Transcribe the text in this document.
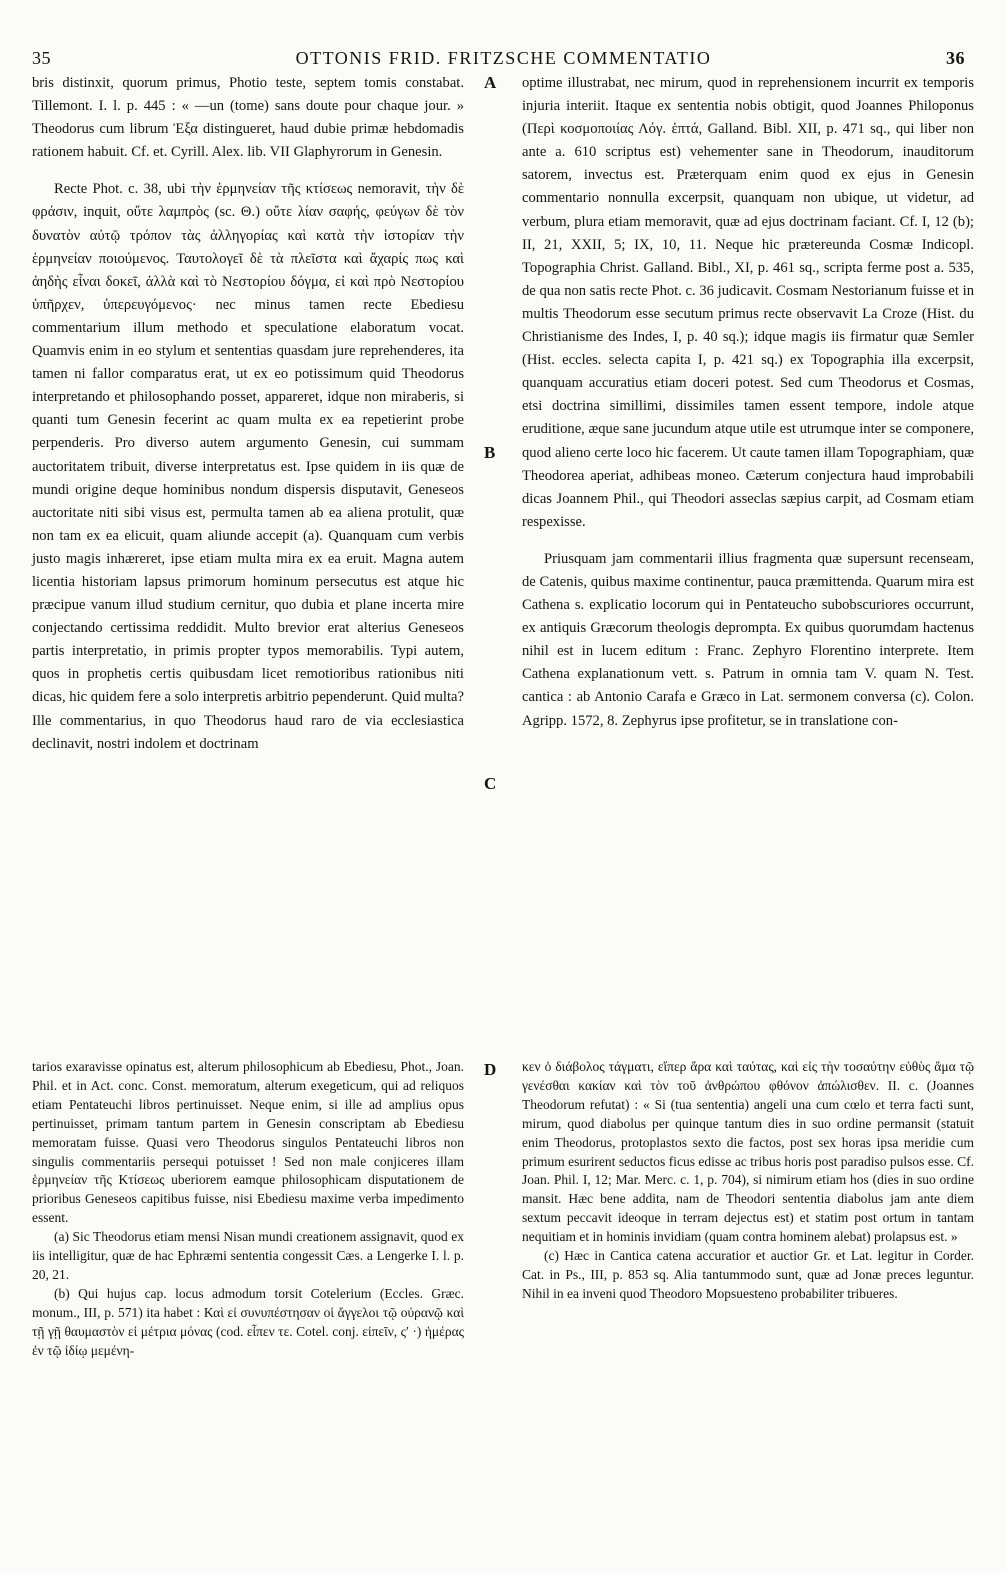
35	OTTONIS FRID. FRITZSCHE COMMENTATIO	36
A
B
C
D

bris distinxit, quorum primus, Photio teste, septem tomis constabat. Tillemont. I. l. p. 445 : « —un (tome) sans doute pour chaque jour. » Theodorus cum librum Ἑξα distingueret, haud dubie primæ hebdomadis rationem habuit. Cf. et. Cyrill. Alex. lib. VII Glaphyrorum in Genesin.

Recte Phot. c. 38, ubi τὴν ἑρμηνείαν τῆς κτίσεως nemoravit, τὴν δὲ φράσιν, inquit, οὔτε λαμπρὸς (sc. Θ.) οὔτε λίαν σαφής, φεύγων δὲ τὸν δυνατὸν αὐτῷ τρόπον τὰς ἀλληγορίας καὶ κατὰ τὴν ἱστορίαν τὴν ἑρμηνείαν ποιούμενος. Ταυτολογεῖ δὲ τὰ πλεῖστα καὶ ἄχαρίς πως καὶ ἀηδὴς εἶναι δοκεῖ, ἀλλὰ καὶ τὸ Νεστορίου δόγμα, εἰ καὶ πρὸ Νεστορίου ὑπῆρχεν, ὑπερευγόμενος· nec minus tamen recte Ebediesu commentarium illum methodo et speculatione elaboratum vocat. Quamvis enim in eo stylum et sententias quasdam jure reprehenderes, ita tamen ni fallor comparatus erat, ut ex eo potissimum quid Theodorus interpretando et philosophando posset, appareret, idque non miraberis, si quanti tum Genesin fecerint ac quam multa ex ea repetierint probe perpenderis. Pro diverso autem argumento Genesin, cui summam auctoritatem tribuit, diverse interpretatus est. Ipse quidem in iis quæ de mundi origine deque hominibus nondum dispersis disputavit, Geneseos auctoritate niti sibi visus est, permulta tamen ab ea aliena protulit, quæ non tam ex ea elicuit, quam aliunde accepit (a). Quanquam cum verbis justo magis inhæreret, ipse etiam multa mira ex ea eruit. Magna autem licentia historiam lapsus primorum hominum persecutus est atque hic præcipue vanum illud studium cernitur, quo dubia et plane incerta mire conjectando certissima reddidit. Multo brevior erat alterius Geneseos partis interpretatio, in primis propter typos memorabilis. Typi autem, quos in prophetis certis quibusdam licet remotioribus rationibus niti dicas, hic quidem fere a solo interpretis arbitrio pependerunt. Quid multa? Ille commentarius, in quo Theodorus haud raro de via ecclesiastica declinavit, nostri indolem et doctrinam

optime illustrabat, nec mirum, quod in reprehensionem incurrit ex temporis injuria interiit. Itaque ex sententia nobis obtigit, quod Joannes Philoponus (Περὶ κοσμοποιίας Λόγ. ἑπτά, Galland. Bibl. XII, p. 471 sq., qui liber non ante a. 610 scriptus est) vehementer sane in Theodorum, inauditorum satorem, invectus est. Præterquam enim quod ex ejus in Genesin commentario nonnulla excerpsit, quanquam non ubique, ut videtur, ad verbum, plura etiam memoravit, quæ ad ejus doctrinam faciant. Cf. I, 12 (b); II, 21, XXII, 5; IX, 10, 11. Neque hic prætereunda Cosmæ Indicopl. Topographia Christ. Galland. Bibl., XI, p. 461 sq., scripta ferme post a. 535, de qua non satis recte Phot. c. 36 judicavit. Cosmam Nestorianum fuisse et in multis Theodorum esse secutum primus recte observavit La Croze (Hist. du Christianisme des Indes, I, p. 40 sq.); idque magis iis firmatur quæ Semler (Hist. eccles. selecta capita I, p. 421 sq.) ex Topographia illa excerpsit, quanquam accuratius etiam doceri potest. Sed cum Theodorus et Cosmas, etsi doctrina simillimi, dissimiles tamen essent tempore, indole atque eruditione, æque sane jucundum atque utile est utrumque inter se componere, quod alieno certe loco hic facerem. Ut caute tamen illam Topographiam, quæ Theodorea aperiat, adhibeas moneo. Cæterum conjectura haud improbabili dicas Joannem Phil., qui Theodori asseclas sæpius carpit, ad Cosmam etiam respexisse.

Priusquam jam commentarii illius fragmenta quæ supersunt recenseam, de Catenis, quibus maxime continentur, pauca præmittenda. Quarum mira est Cathena s. explicatio locorum qui in Pentateucho subobscuriores occurrunt, ex antiquis Græcorum theologis deprompta. Ex quibus quorumdam hactenus nihil est in lucem editum : Franc. Zephyro Florentino interprete. Item Cathena explanationum vett. s. Patrum in omnia tam V. quam N. Test. cantica : ab Antonio Carafa e Græco in Lat. sermonem conversa (c). Colon. Agripp. 1572, 8. Zephyrus ipse profitetur, se in translatione con-

tarios exaravisse opinatus est, alterum philosophicum ab Ebediesu, Phot., Joan. Phil. et in Act. conc. Const. memoratum, alterum exegeticum, qui ad reliquos etiam Pentateuchi libros pertinuisset. Neque enim, si ille ad amplius opus pertinuisset, primam tantum partem in Genesin conscriptam ab Ebediesu memoratam fuisse. Quasi vero Theodorus singulos Pentateuchi libros non singulis commentariis persequi potuisset ! Sed non male conjiceres illam ἑρμηνείαν τῆς Κτίσεως uberiorem eamque philosophicam disputationem de prioribus Geneseos capitibus fuisse, nisi Ebediesu maxime verba impedimento essent.

(a) Sic Theodorus etiam mensi Nisan mundi creationem assignavit, quod ex iis intelligitur, quæ de hac Ephræmi sententia congessit Cæs. a Lengerke I. l. p. 20, 21.

(b) Qui hujus cap. locus admodum torsit Cotelerium (Eccles. Græc. monum., III, p. 571) ita habet : Καὶ εἰ συνυπέστησαν οἱ ἄγγελοι τῷ οὐρανῷ καὶ τῇ γῇ θαυμαστὸν εἰ μέτρια μόνας (cod. εἶπεν τε. Cotel. conj. εἰπεῖν, ς′ ·) ἡμέρας ἐν τῷ ἰδίῳ μεμένη-

κεν ὁ διάβολος τάγματι, εἴπερ ἄρα καὶ ταύτας, καὶ εἰς τὴν τοσαύτην εὐθὺς ἅμα τῷ γενέσθαι κακίαν καὶ τὸν τοῦ ἀνθρώπου φθόνον ἀπώλισθεν. II. c. (Joannes Theodorum refutat) : « Si (tua sententia) angeli una cum cœlo et terra facti sunt, mirum, quod diabolus per quinque tantum dies in suo ordine permansit (statuit enim Theodorus, protoplastos sexto die factos, post sex horas ipsa meridie cum primum esurirent seductos ficus edisse ac tribus horis post paradiso pulsos esse. Cf. Joan. Phil. I, 12; Mar. Merc. c. 1, p. 704), si nimirum etiam hos (dies in suo ordine mansit. Hæc bene addita, nam de Theodori sententia diabolus jam ante diem sextum peccavit ideoque in terram dejectus est) et statim post ortum in tantam nequitiam et in hominis invidiam (quam contra hominem alebat) prolapsus est. »

(c) Hæc in Cantica catena accuratior et auctior Gr. et Lat. legitur in Corder. Cat. in Ps., III, p. 853 sq. Alia tantummodo sunt, quæ ad Jonæ preces leguntur. Nihil in ea inveni quod Theodoro Mopsuesteno probabiliter tribueres.
